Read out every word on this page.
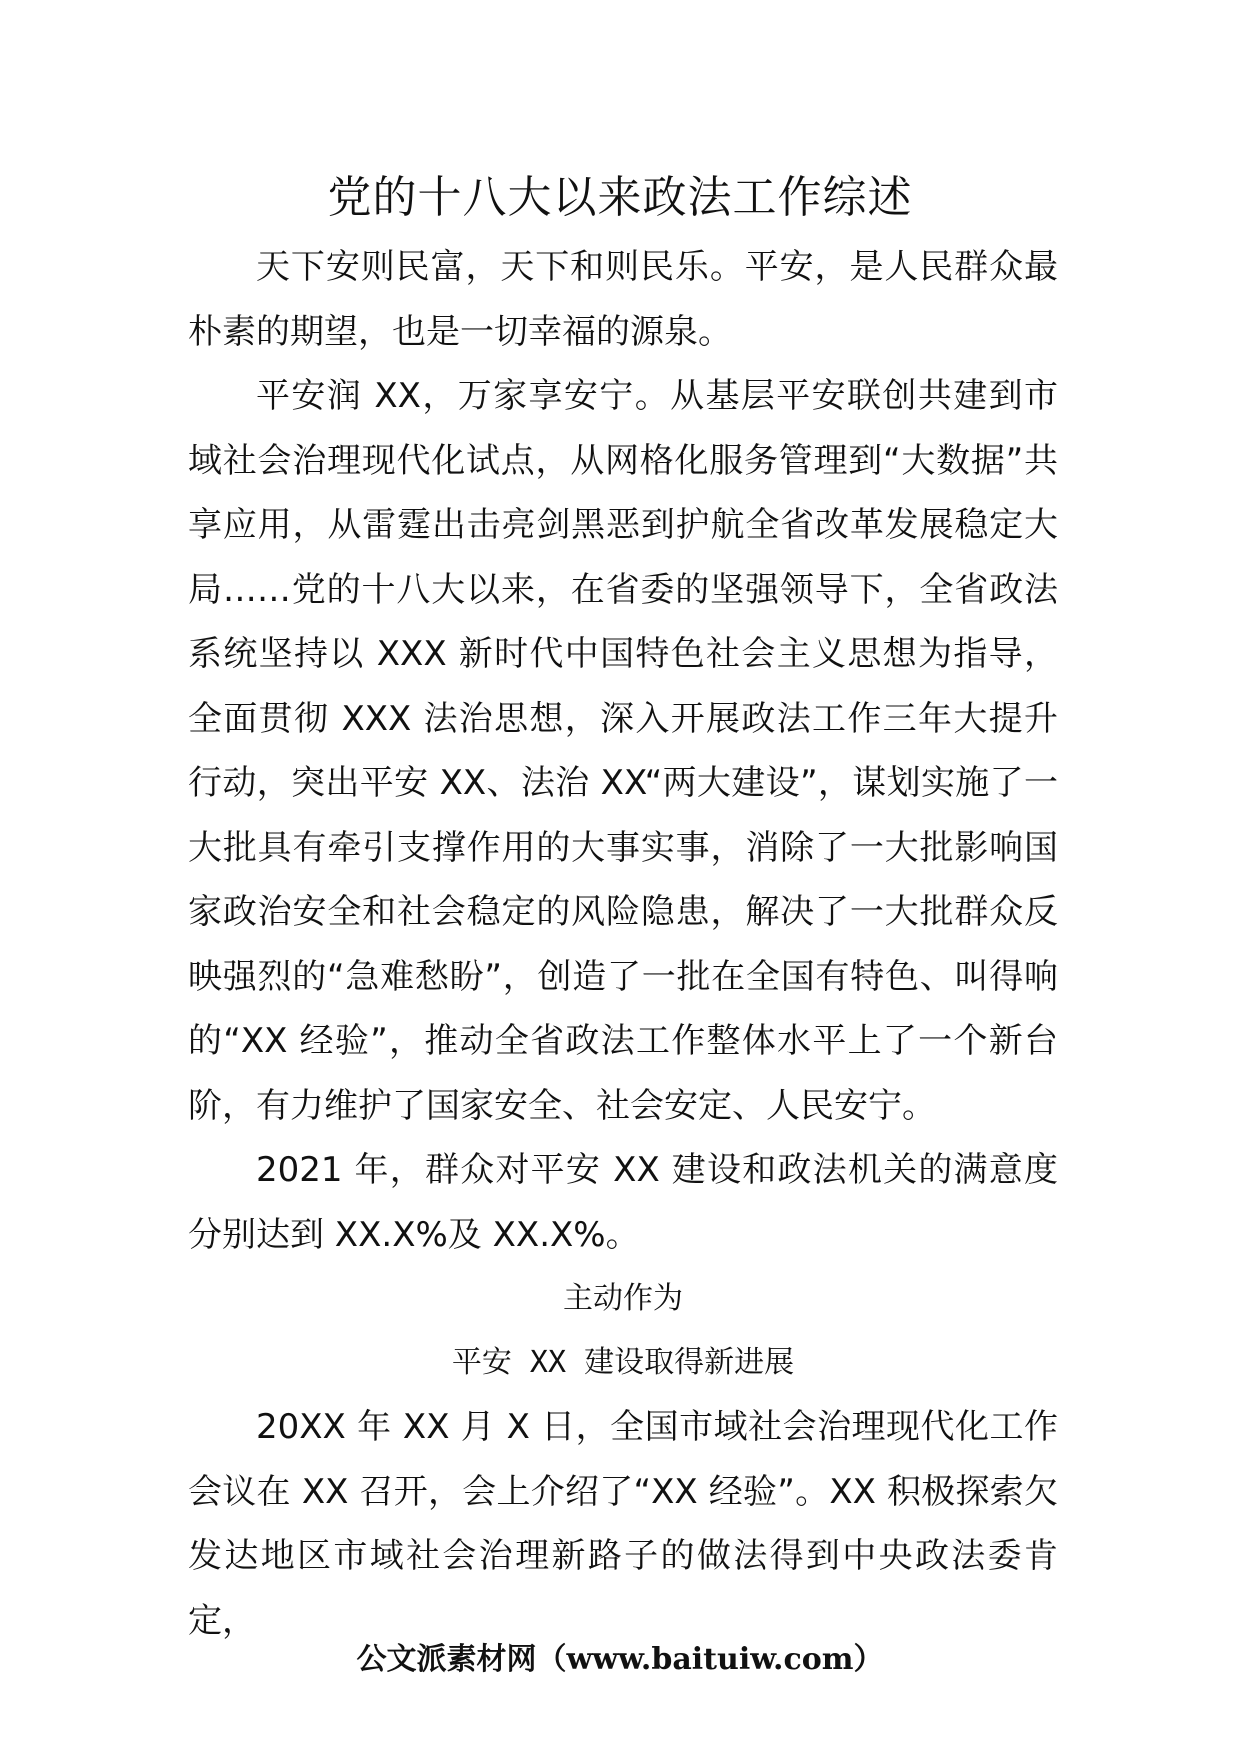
党的十八大以来政法工作综述

天下安则民富，天下和则民乐。平安，是人民群众最朴素的期望，也是一切幸福的源泉。

平安润 XX，万家享安宁。从基层平安联创共建到市域社会治理现代化试点，从网格化服务管理到“大数据”共享应用，从雷霆出击亮剑黑恶到护航全省改革发展稳定大局……党的十八大以来，在省委的坚强领导下，全省政法系统坚持以 XXX 新时代中国特色社会主义思想为指导，全面贯彻 XXX 法治思想，深入开展政法工作三年大提升行动，突出平安 XX、法治 XX“两大建设”，谋划实施了一大批具有牵引支撑作用的大事实事，消除了一大批影响国家政治安全和社会稳定的风险隐患，解决了一大批群众反映强烈的“急难愁盼”，创造了一批在全国有特色、叫得响的“XX 经验”，推动全省政法工作整体水平上了一个新台阶，有力维护了国家安全、社会安定、人民安宁。

2021 年，群众对平安 XX 建设和政法机关的满意度分别达到 XX.X%及 XX.X%。

主动作为

平安 XX 建设取得新进展

20XX 年 XX 月 X 日，全国市域社会治理现代化工作会议在 XX 召开，会上介绍了“XX 经验”。XX 积极探索欠发达地区市域社会治理新路子的做法得到中央政法委肯定，

公文派素材网（www.baituiw.com）
